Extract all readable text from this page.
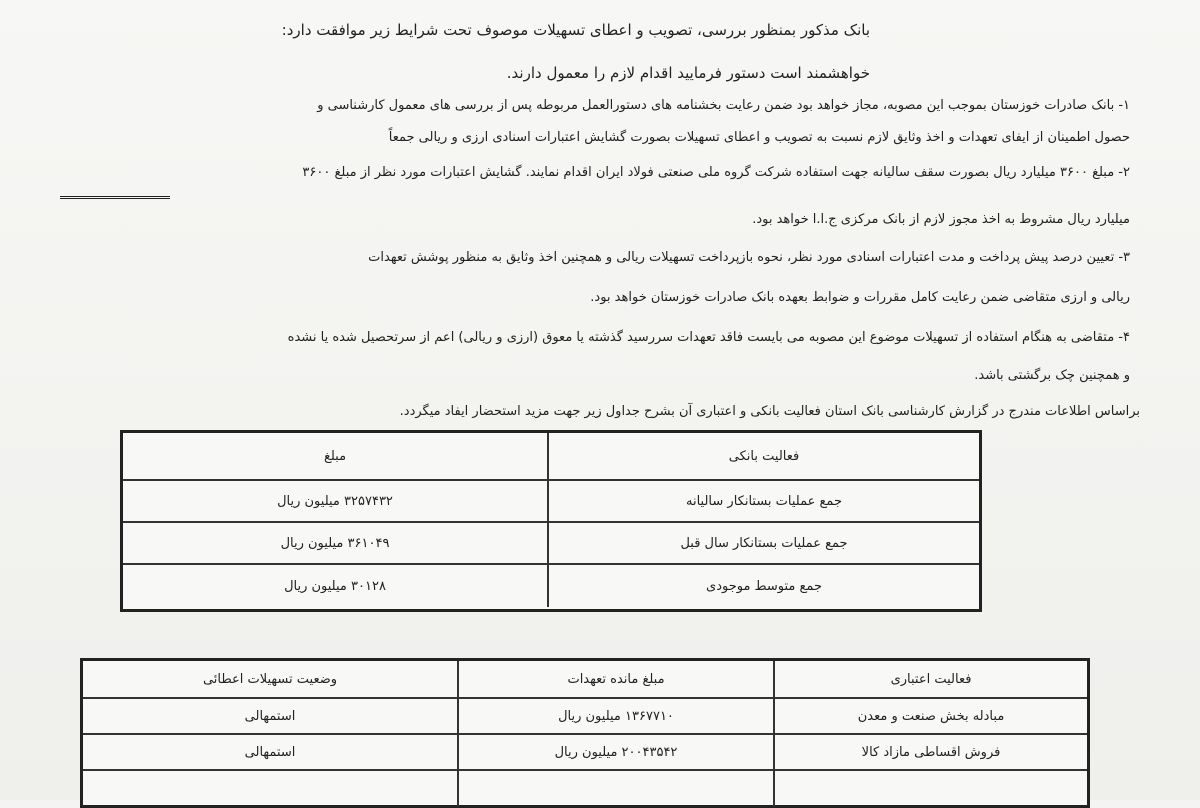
بانک مذکور بمنظور بررسی، تصویب و اعطای تسهیلات موصوف تحت شرایط زیر موافقت دارد:
خواهشمند است دستور فرمایید اقدام لازم را معمول دارند.
۱- بانک صادرات خوزستان بموجب این مصوبه، مجاز خواهد بود ضمن رعایت بخشنامه های دستورالعمل مربوطه پس از بررسی های معمول کارشناسی و
حصول اطمینان از ایفای تعهدات و اخذ وثایق لازم نسبت به تصویب و اعطای تسهیلات بصورت گشایش اعتبارات اسنادی ارزی و ریالی جمعاً
۲- مبلغ ۳۶۰۰ میلیارد ریال بصورت سقف سالیانه جهت استفاده شرکت گروه ملی صنعتی فولاد ایران اقدام نمایند. گشایش اعتبارات مورد نظر از مبلغ ۳۶۰۰
میلیارد ریال مشروط به اخذ مجوز لازم از بانک مرکزی ج.ا.ا خواهد بود.
۳- تعیین درصد پیش پرداخت و مدت اعتبارات اسنادی مورد نظر، نحوه بازپرداخت تسهیلات ریالی و همچنین اخذ وثایق به منظور پوشش تعهدات
ریالی و ارزی متقاضی ضمن رعایت کامل مقررات و ضوابط بعهده بانک صادرات خوزستان خواهد بود.
۴- متقاضی به هنگام استفاده از تسهیلات موضوع این مصوبه می بایست فاقد تعهدات سررسید گذشته یا معوق (ارزی و ریالی) اعم از سرتحصیل شده یا نشده
و همچنین چک برگشتی باشد.
براساس اطلاعات مندرج در گزارش کارشناسی بانک استان فعالیت بانکی و اعتباری آن بشرح جداول زیر جهت مزید استحضار ایفاد میگردد.
فعالیت بانکی
مبلغ
جمع عملیات بستانکار سالیانه
۳۲۵۷۴۳۲ میلیون ریال
جمع عملیات بستانکار سال قبل
۳۶۱۰۴۹ میلیون ریال
جمع متوسط موجودی
۳۰۱۲۸ میلیون ریال
فعالیت اعتباری
مبلغ مانده تعهدات
وضعیت تسهیلات اعطائی
مبادله بخش صنعت و معدن
۱۳۶۷۷۱۰ میلیون ریال
استمهالی
فروش اقساطی مازاد کالا
۲۰۰۴۳۵۴۲ میلیون ریال
استمهالی
